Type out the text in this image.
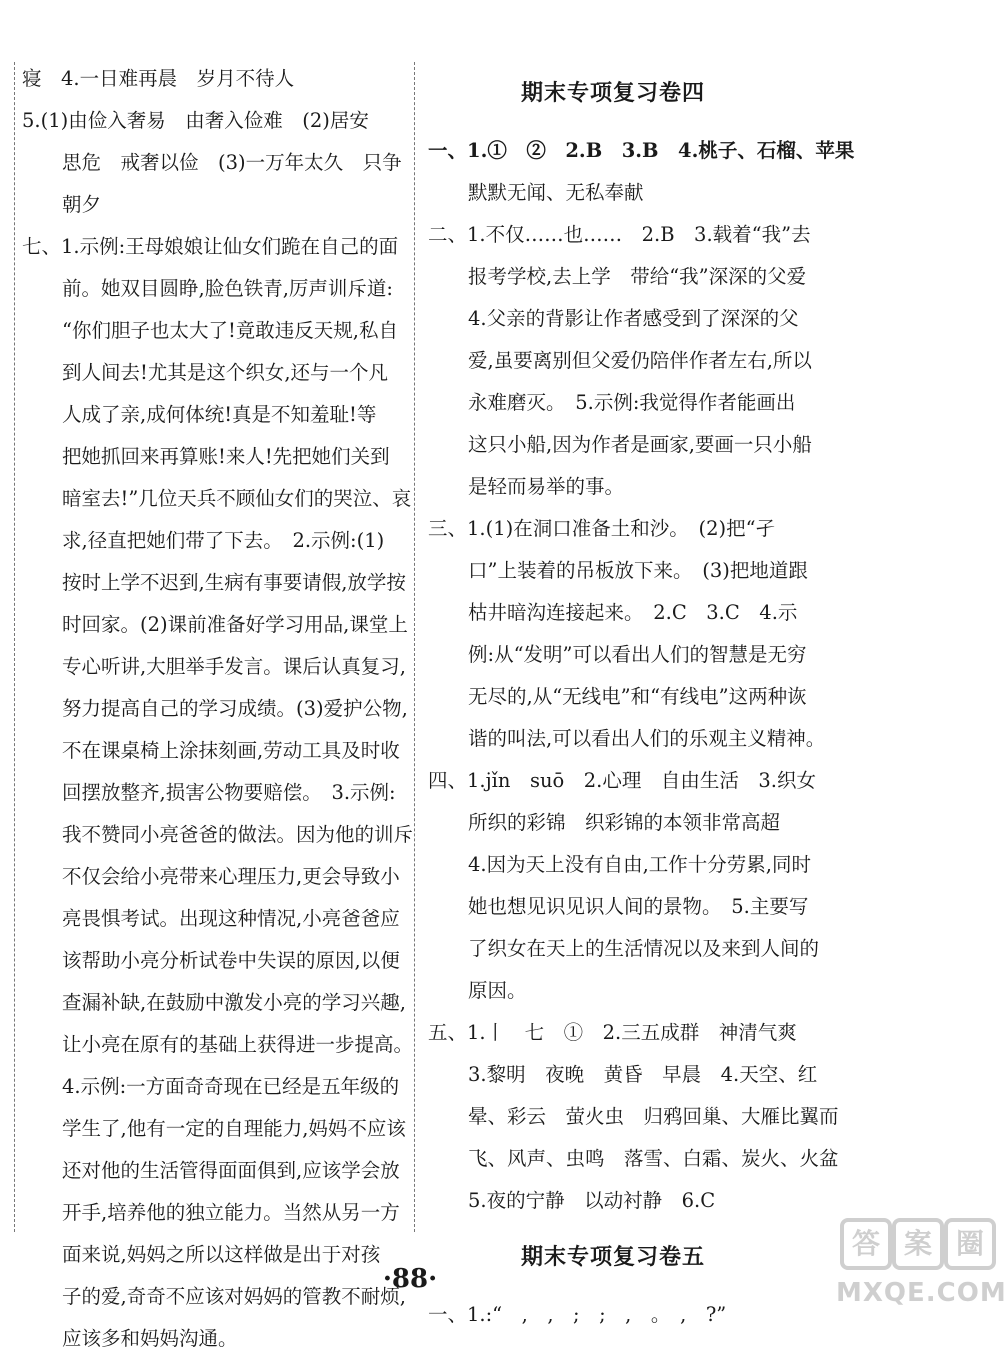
寝　4.一日难再晨　岁月不待人
5.(1)由俭入奢易　由奢入俭难　(2)居安
思危　戒奢以俭　(3)一万年太久　只争
朝夕
七、1.示例:王母娘娘让仙女们跪在自己的面
前。她双目圆睁,脸色铁青,厉声训斥道:
“你们胆子也太大了!竟敢违反天规,私自
到人间去!尤其是这个织女,还与一个凡
人成了亲,成何体统!真是不知羞耻!等
把她抓回来再算账!来人!先把她们关到
暗室去!”几位天兵不顾仙女们的哭泣、哀
求,径直把她们带了下去。　2.示例:(1)
按时上学不迟到,生病有事要请假,放学按
时回家。(2)课前准备好学习用品,课堂上
专心听讲,大胆举手发言。课后认真复习,
努力提高自己的学习成绩。(3)爱护公物,
不在课桌椅上涂抹刻画,劳动工具及时收
回摆放整齐,损害公物要赔偿。　3.示例:
我不赞同小亮爸爸的做法。因为他的训斥
不仅会给小亮带来心理压力,更会导致小
亮畏惧考试。出现这种情况,小亮爸爸应
该帮助小亮分析试卷中失误的原因,以便
查漏补缺,在鼓励中激发小亮的学习兴趣,
让小亮在原有的基础上获得进一步提高。
4.示例:一方面奇奇现在已经是五年级的
学生了,他有一定的自理能力,妈妈不应该
还对他的生活管得面面俱到,应该学会放
开手,培养他的独立能力。当然从另一方
面来说,妈妈之所以这样做是出于对孩
子的爱,奇奇不应该对妈妈的管教不耐烦,
应该多和妈妈沟通。
期末专项复习卷四
一、1.①　②　2.B　3.B　4.桃子、石榴、苹果
默默无闻、无私奉献
二、1.不仅……也……　2.B　3.载着“我”去
报考学校,去上学　带给“我”深深的父爱
4.父亲的背影让作者感受到了深深的父
爱,虽要离别但父爱仍陪伴作者左右,所以
永难磨灭。　5.示例:我觉得作者能画出
这只小船,因为作者是画家,要画一只小船
是轻而易举的事。
三、1.(1)在洞口准备土和沙。　(2)把“孑
口”上装着的吊板放下来。　(3)把地道跟
枯井暗沟连接起来。　2.C　3.C　4.示
例:从“发明”可以看出人们的智慧是无穷
无尽的,从“无线电”和“有线电”这两种诙
谐的叫法,可以看出人们的乐观主义精神。
四、1.jǐn　suō　2.心理　自由生活　3.织女
所织的彩锦　织彩锦的本领非常高超
4.因为天上没有自由,工作十分劳累,同时
她也想见识见识人间的景物。　5.主要写
了织女在天上的生活情况以及来到人间的
原因。
五、1.丨　七　①　2.三五成群　神清气爽
3.黎明　夜晚　黄昏　早晨　4.天空、红
晕、彩云　萤火虫　归鸦回巢、大雁比翼而
飞、风声、虫鸣　落雪、白霜、炭火、火盆
5.夜的宁静　以动衬静　6.C
期末专项复习卷五
一、1.:“　,　,　;　;　,　。　,　?”
·88·
答 案 圈
MXQE.COM
